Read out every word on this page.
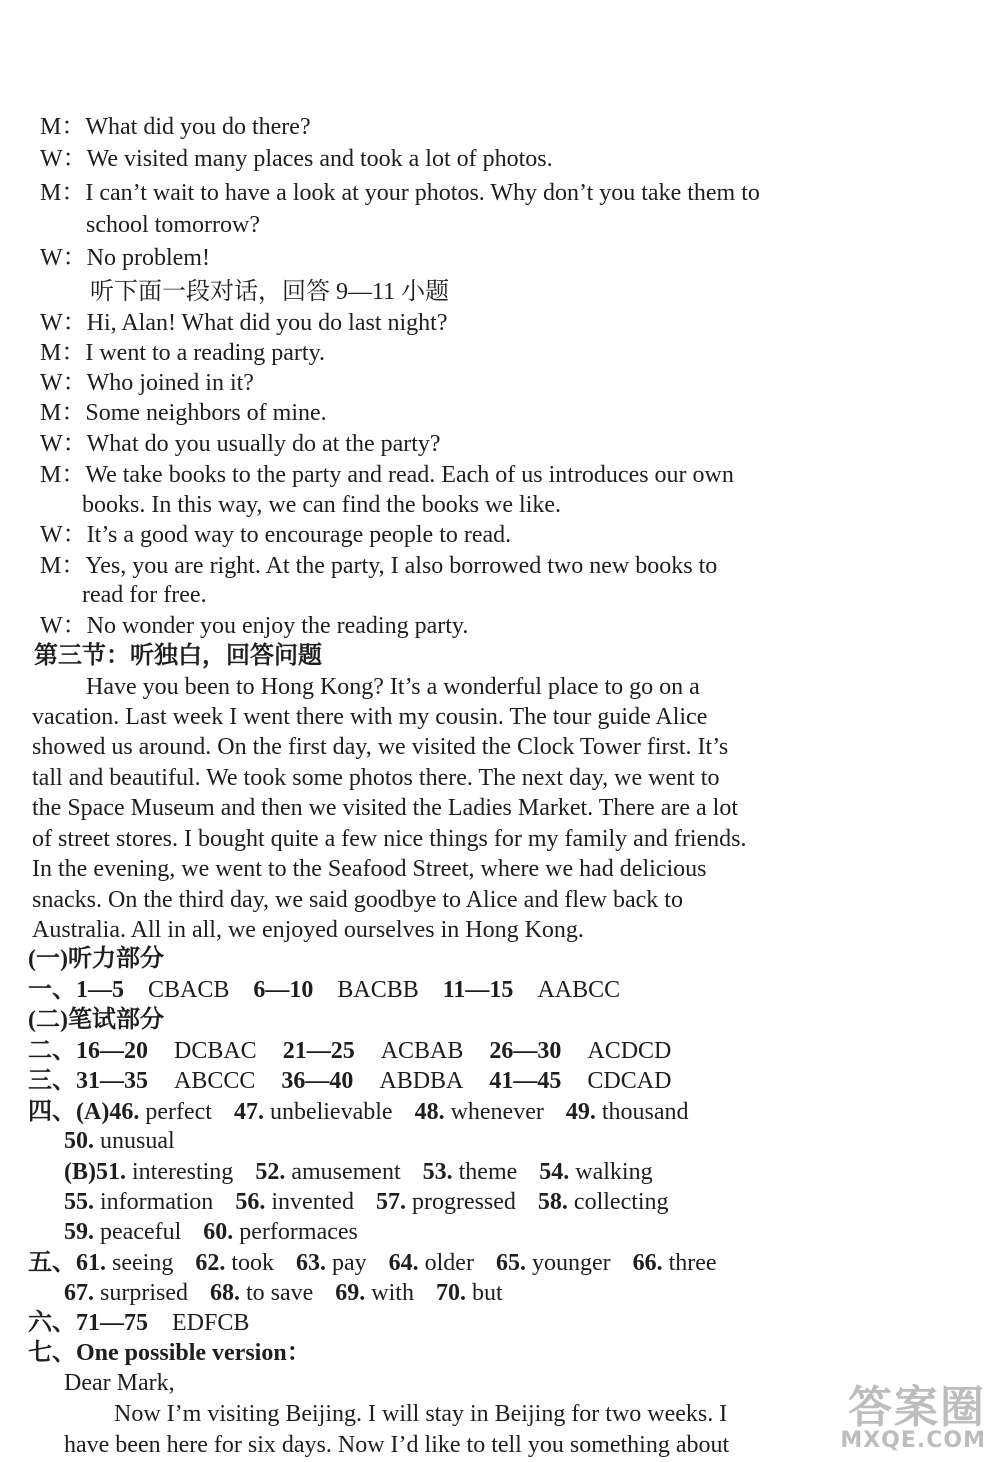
M：What did you do there?
W：We visited many places and took a lot of photos.
M：I can’t wait to have a look at your photos. Why don’t you take them to
school tomorrow?
W：No problem!
听下面一段对话，回答 9—11 小题
W：Hi, Alan! What did you do last night?
M：I went to a reading party.
W：Who joined in it?
M：Some neighbors of mine.
W：What do you usually do at the party?
M：We take books to the party and read. Each of us introduces our own
books. In this way, we can find the books we like.
W：It’s a good way to encourage people to read.
M：Yes, you are right. At the party, I also borrowed two new books to
read for free.
W：No wonder you enjoy the reading party.
第三节：听独白，回答问题
Have you been to Hong Kong? It’s a wonderful place to go on a
vacation. Last week I went there with my cousin. The tour guide Alice
showed us around. On the first day, we visited the Clock Tower first. It’s
tall and beautiful. We took some photos there. The next day, we went to
the Space Museum and then we visited the Ladies Market. There are a lot
of street stores. I bought quite a few nice things for my family and friends.
In the evening, we went to the Seafood Street, where we had delicious
snacks. On the third day, we said goodbye to Alice and flew back to
Australia. All in all, we enjoyed ourselves in Hong Kong.
(一)听力部分
一、1—5 CBACB 6—10 BACBB 11—15 AABCC
(二)笔试部分
二、16—20 DCBAC 21—25 ACBAB 26—30 ACDCD
三、31—35 ABCCC 36—40 ABDBA 41—45 CDCAD
四、(A)46. perfect 47. unbelievable 48. whenever 49. thousand
50. unusual
(B)51. interesting 52. amusement 53. theme 54. walking
55. information 56. invented 57. progressed 58. collecting
59. peaceful 60. performaces
五、61. seeing 62. took 63. pay 64. older 65. younger 66. three
67. surprised 68. to save 69. with 70. but
六、71—75 EDFCB
七、One possible version：
Dear Mark,
Now I’m visiting Beijing. I will stay in Beijing for two weeks. I
have been here for six days. Now I’d like to tell you something about
答案圈
MXQE.COM
